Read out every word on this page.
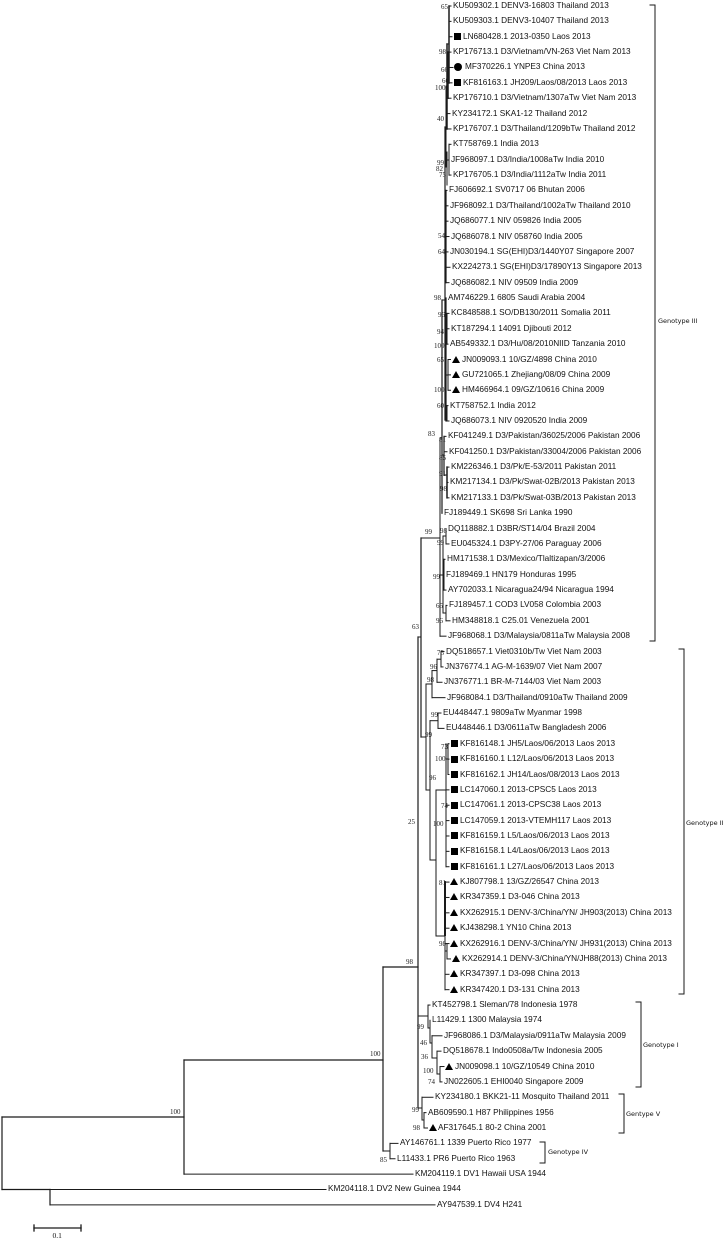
KU509302.1 DENV3-16803 Thailand 2013
KU509303.1 DENV3-10407 Thailand 2013
LN680428.1 2013-0350 Laos 2013
KP176713.1 D3/Vietnam/VN-263 Viet Nam 2013
MF370226.1 YNPE3 China 2013
KF816163.1 JH209/Laos/08/2013 Laos 2013
KP176710.1 D3/Vietnam/1307aTw Viet Nam 2013
KY234172.1 SKA1-12 Thailand 2012
KP176707.1 D3/Thailand/1209bTw Thailand 2012
KT758769.1 India 2013
JF968097.1 D3/India/1008aTw India 2010
KP176705.1 D3/India/1112aTw India 2011
FJ606692.1 SV0717 06 Bhutan 2006
JF968092.1 D3/Thailand/1002aTw Thailand 2010
JQ686077.1 NIV 059826 India 2005
JQ686078.1 NIV 058760 India 2005
JN030194.1 SG(EHI)D3/1440Y07 Singapore 2007
KX224273.1 SG(EHI)D3/17890Y13 Singapore 2013
JQ686082.1 NIV 09509 India 2009
AM746229.1 6805 Saudi Arabia 2004
KC848588.1 SO/DB130/2011 Somalia 2011
KT187294.1 14091 Djibouti 2012
AB549332.1 D3/Hu/08/2010NIID Tanzania 2010
JN009093.1 10/GZ/4898 China 2010
GU721065.1 Zhejiang/08/09 China 2009
HM466964.1 09/GZ/10616 China 2009
KT758752.1 India 2012
JQ686073.1 NIV 0920520 India 2009
KF041249.1 D3/Pakistan/36025/2006 Pakistan 2006
KF041250.1 D3/Pakistan/33004/2006 Pakistan 2006
KM226346.1 D3/Pk/E-53/2011 Pakistan 2011
KM217134.1 D3/Pk/Swat-02B/2013 Pakistan 2013
KM217133.1 D3/Pk/Swat-03B/2013 Pakistan 2013
FJ189449.1 SK698 Sri Lanka 1990
DQ118882.1 D3BR/ST14/04 Brazil 2004
EU045324.1 D3PY-27/06 Paraguay 2006
HM171538.1 D3/Mexico/Tlaltizapan/3/2006
FJ189469.1 HN179 Honduras 1995
AY702033.1 Nicaragua24/94 Nicaragua 1994
FJ189457.1 COD3 LV058 Colombia 2003
HM348818.1 C25.01 Venezuela 2001
JF968068.1 D3/Malaysia/0811aTw Malaysia 2008
DQ518657.1 Viet0310b/Tw Viet Nam 2003
JN376774.1 AG-M-1639/07 Viet Nam 2007
JN376771.1 BR-M-7144/03 Viet Nam 2003
JF968084.1 D3/Thailand/0910aTw Thailand 2009
EU448447.1 9809aTw Myanmar 1998
EU448446.1 D3/0611aTw Bangladesh 2006
KF816148.1 JH5/Laos/06/2013 Laos 2013
KF816160.1 L12/Laos/06/2013 Laos 2013
KF816162.1 JH14/Laos/08/2013 Laos 2013
LC147060.1 2013-CPSC5 Laos 2013
LC147061.1 2013-CPSC38 Laos 2013
LC147059.1 2013-VTEMH117 Laos 2013
KF816159.1 L5/Laos/06/2013 Laos 2013
KF816158.1 L4/Laos/06/2013 Laos 2013
KF816161.1 L27/Laos/06/2013 Laos 2013
KJ807798.1 13/GZ/26547 China 2013
KR347359.1 D3-046 China 2013
KX262915.1 DENV-3/China/YN/ JH903(2013) China 2013
KJ438298.1 YN10 China 2013
KX262916.1 DENV-3/China/YN/ JH931(2013) China 2013
KX262914.1 DENV-3/China/YN/JH88(2013) China 2013
KR347397.1 D3-098 China 2013
KR347420.1 D3-131 China 2013
KT452798.1 Sleman/78 Indonesia 1978
L11429.1 1300 Malaysia 1974
JF968086.1 D3/Malaysia/0911aTw Malaysia 2009
DQ518678.1 Indo0508a/Tw Indonesia 2005
JN009098.1 10/GZ/10549 China 2010
JN022605.1 EHI0040 Singapore 2009
KY234180.1 BKK21-11 Mosquito Thailand 2011
AB609590.1 H87 Philippines 1956
AF317645.1 80-2 China 2001
AY146761.1 1339 Puerto Rico 1977
L11433.1 PR6 Puerto Rico 1963
KM204119.1 DV1 Hawaii USA 1944
KM204118.1 DV2 New Guinea 1944
AY947539.1 DV4 H241
65
98
66
66
100
40
99
82
75
54
64
98
96
94
100
65
100
60
83
81
85
91
98
99 98
99
99
65
96
63
75
96
98
99
99
73
100
96
74
100
25
81
98
98
99
46
36
100
74
100
99
98
85
100
Genotype III
Genotype II
Genotype I
Gentype V
Genotype IV
0.1
